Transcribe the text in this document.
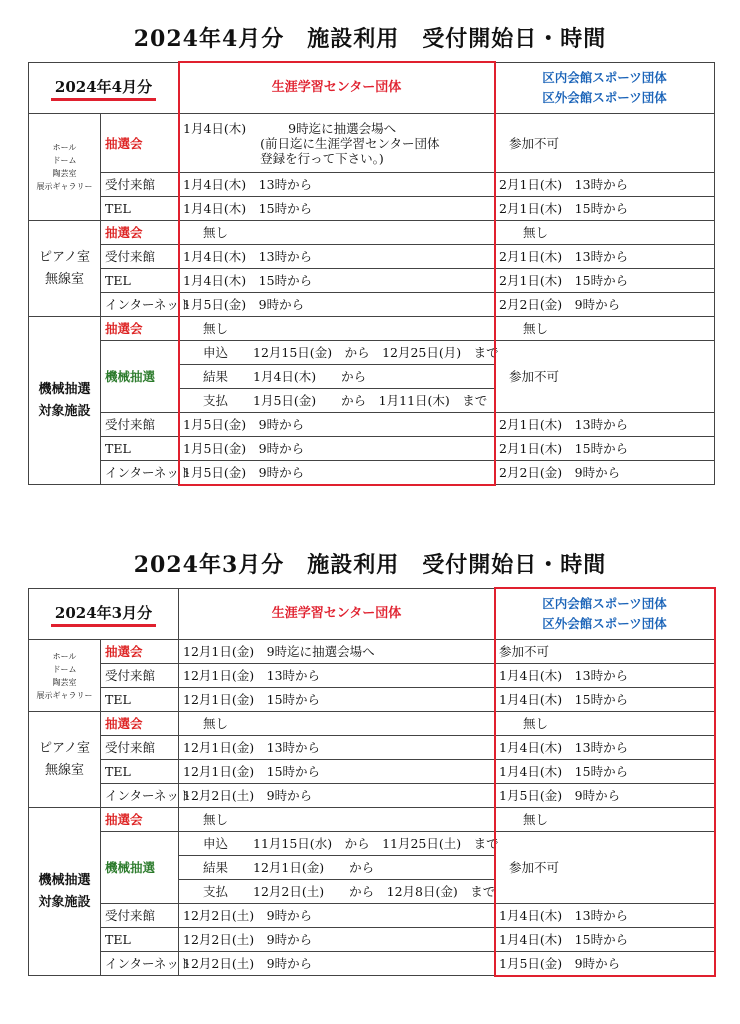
2024年4月分　施設利用　受付開始日・時間
2024年4月分	生涯学習センター団体	
区内会館スポーツ団体
区外会館スポーツ団体

ホール
ドーム
陶芸室
展示ギャラリー
	抽選会	
1月4日(木)	9時迄に抽選会場へ
(前日迄に生涯学習センター団体
登録を行って下さい。)
	参加不可
受付来館	1月4日(木)　13時から	2月1日(木)　13時から
TEL	1月4日(木)　15時から	2月1日(木)　15時から

ピアノ室
無線室
	抽選会	無し	無し
受付来館	1月4日(木)　13時から	2月1日(木)　13時から
TEL	1月4日(木)　15時から	2月1日(木)　15時から
インターネット	1月5日(金)　9時から	2月2日(金)　9時から

機械抽選
対象施設
	抽選会	無し	無し
機械抽選	申込　　12月15日(金)　から　12月25日(月)　まで	参加不可
結果　　1月4日(木)　　から
支払　　1月5日(金)　　から　1月11日(木)　まで
受付来館	1月5日(金)　9時から	2月1日(木)　13時から
TEL	1月5日(金)　9時から	2月1日(木)　15時から
インターネット	1月5日(金)　9時から	2月2日(金)　9時から
2024年3月分　施設利用　受付開始日・時間
2024年3月分		生涯学習センター団体	区内会館スポーツ団体
区外会館スポーツ団体

ホール
ドーム
陶芸室
展示ギャラリー	抽選会	12月1日(金)　9時迄に抽選会場へ	参加不可
	受付来館	12月1日(金)　13時から	1月4日(木)　13時から
	TEL	12月1日(金)　15時から	1月4日(木)　15時から

ピアノ室
無線室	抽選会	無し	無し
	受付来館	12月1日(金)　13時から	1月4日(木)　13時から
	TEL	12月1日(金)　15時から	1月4日(木)　15時から
	インターネット	12月2日(土)　9時から	1月5日(金)　9時から

機械抽選
対象施設	抽選会	無し	無し
	機械抽選	申込　　11月15日(水)　から　11月25日(土)　まで	参加不可
		結果　　12月1日(金)　　から	
		支払　　12月2日(土)　　から　12月8日(金)　まで	
	受付来館	12月2日(土)　9時から	1月4日(木)　13時から
	TEL	12月2日(土)　9時から	1月4日(木)　15時から
	インターネット	12月2日(土)　9時から	1月5日(金)　9時から
